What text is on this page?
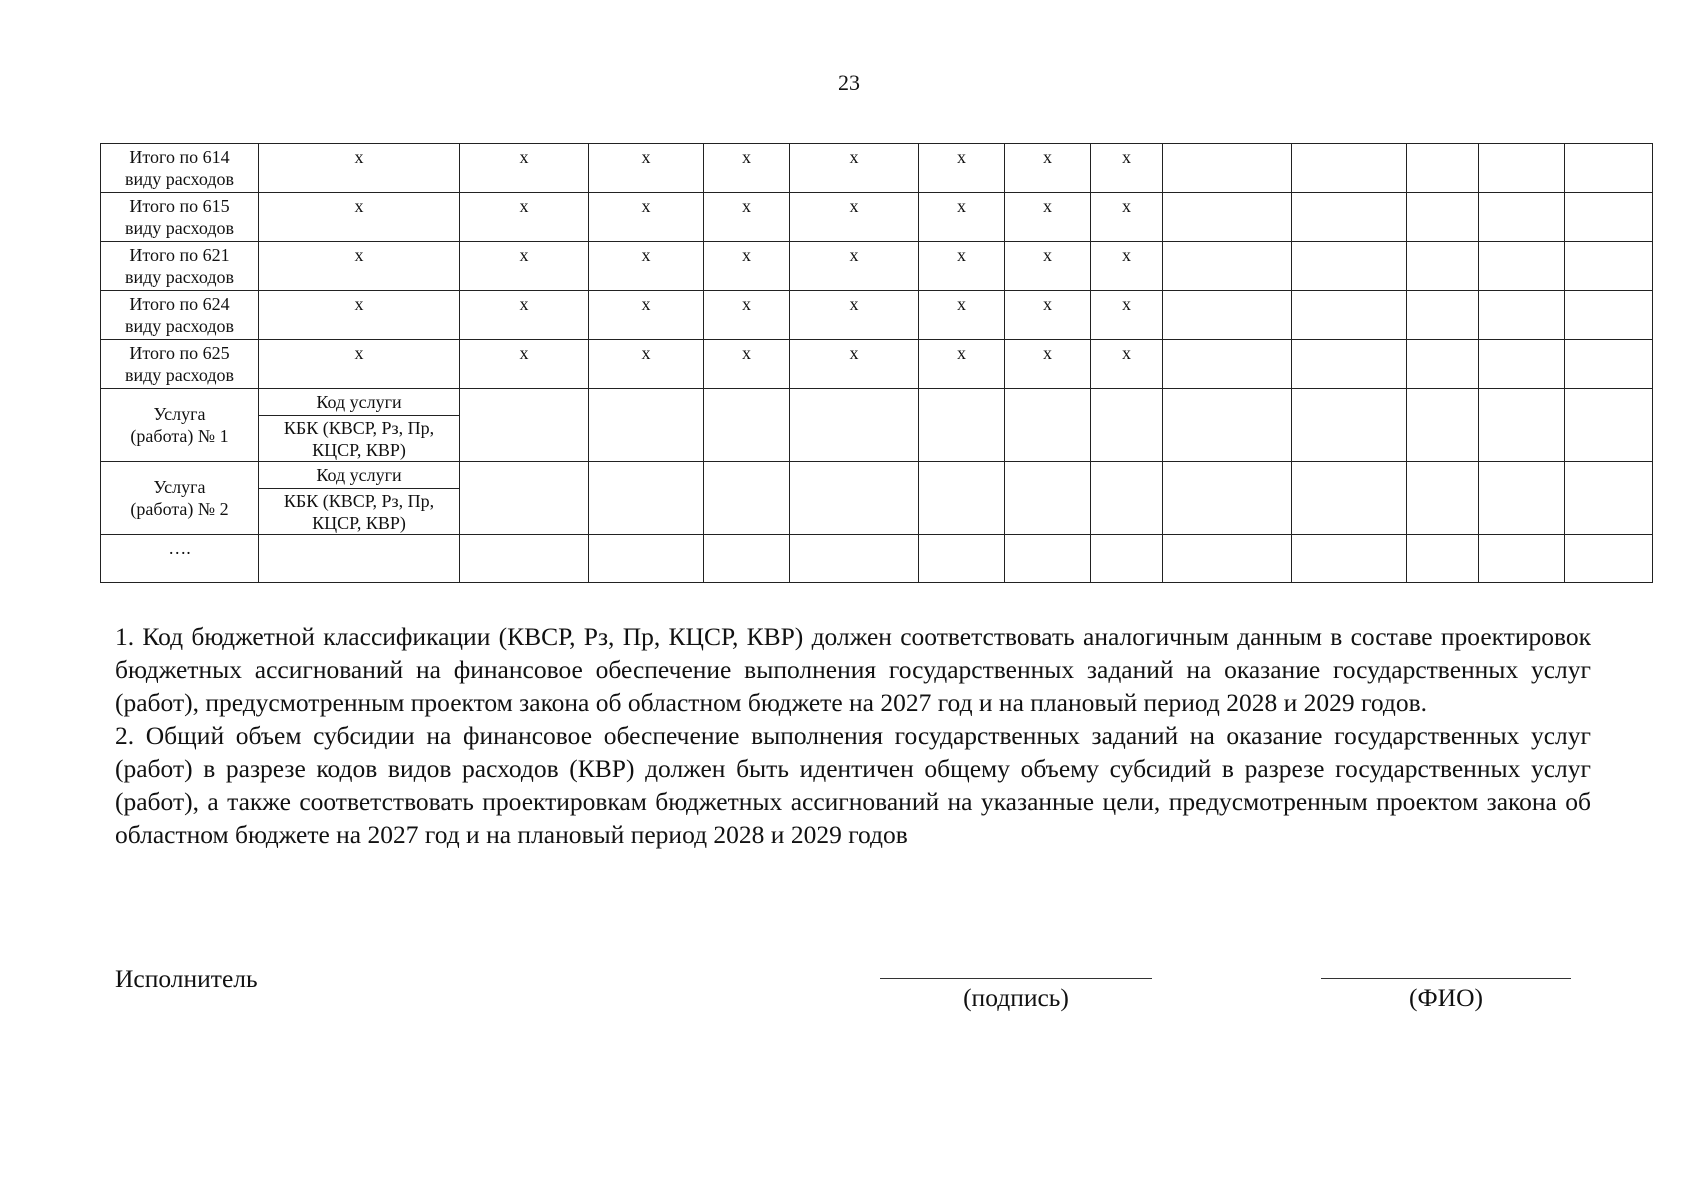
23
Итого по 614
виду расходов	х	х	х	х	х	х	х	х					
Итого по 615
виду расходов	х	х	х	х	х	х	х	х					
Итого по 621
виду расходов	х	х	х	х	х	х	х	х					
Итого по 624
виду расходов	х	х	х	х	х	х	х	х					
Итого по 625
виду расходов	х	х	х	х	х	х	х	х					
Услуга
(работа) № 1	Код услуги												
	КБК (КВСР, Рз, Пр,
КЦСР, КВР)												
Услуга
(работа) № 2	Код услуги												
	КБК (КВСР, Рз, Пр,
КЦСР, КВР)												
….													

1. Код бюджетной классификации (КВСР, Рз, Пр, КЦСР, КВР) должен соответствовать аналогичным данным в составе проектировок бюджетных ассигнований на финансовое обеспечение выполнения государственных заданий на оказание государственных услуг (работ), предусмотренным проектом закона об областном бюджете на 2027 год и на плановый период 2028 и 2029 годов.

2. Общий объем субсидии на финансовое обеспечение выполнения государственных заданий на оказание государственных услуг (работ) в разрезе кодов видов расходов (КВР) должен быть идентичен общему объему субсидий в разрезе государственных услуг (работ), а также соответствовать проектировкам бюджетных ассигнований на указанные цели, предусмотренным проектом закона об областном бюджете на 2027 год и на плановый период 2028 и 2029 годов

Исполнитель
(подпись)	(ФИО)
